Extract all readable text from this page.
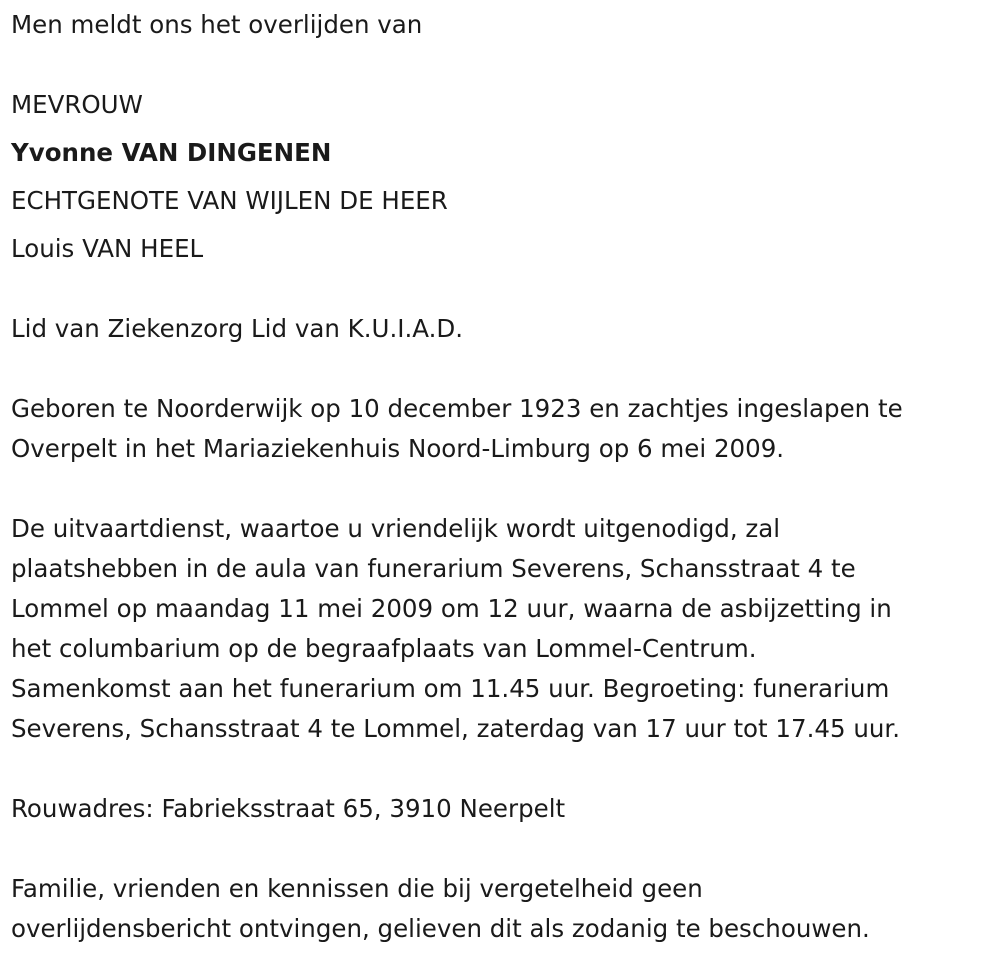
Men meldt ons het overlijden van
MEVROUW
Yvonne VAN DINGENEN
ECHTGENOTE VAN WIJLEN DE HEER
Louis VAN HEEL
Lid van Ziekenzorg Lid van K.U.I.A.D.
Geboren te Noorderwijk op 10 december 1923 en zachtjes ingeslapen te
Overpelt in het Mariaziekenhuis Noord-Limburg op 6 mei 2009.
De uitvaartdienst, waartoe u vriendelijk wordt uitgenodigd, zal
plaatshebben in de aula van funerarium Severens, Schansstraat 4 te
Lommel op maandag 11 mei 2009 om 12 uur, waarna de asbijzetting in
het columbarium op de begraafplaats van Lommel-Centrum.
Samenkomst aan het funerarium om 11.45 uur. Begroeting: funerarium
Severens, Schansstraat 4 te Lommel, zaterdag van 17 uur tot 17.45 uur.
Rouwadres: Fabrieksstraat 65, 3910 Neerpelt
Familie, vrienden en kennissen die bij vergetelheid geen
overlijdensbericht ontvingen, gelieven dit als zodanig te beschouwen.
